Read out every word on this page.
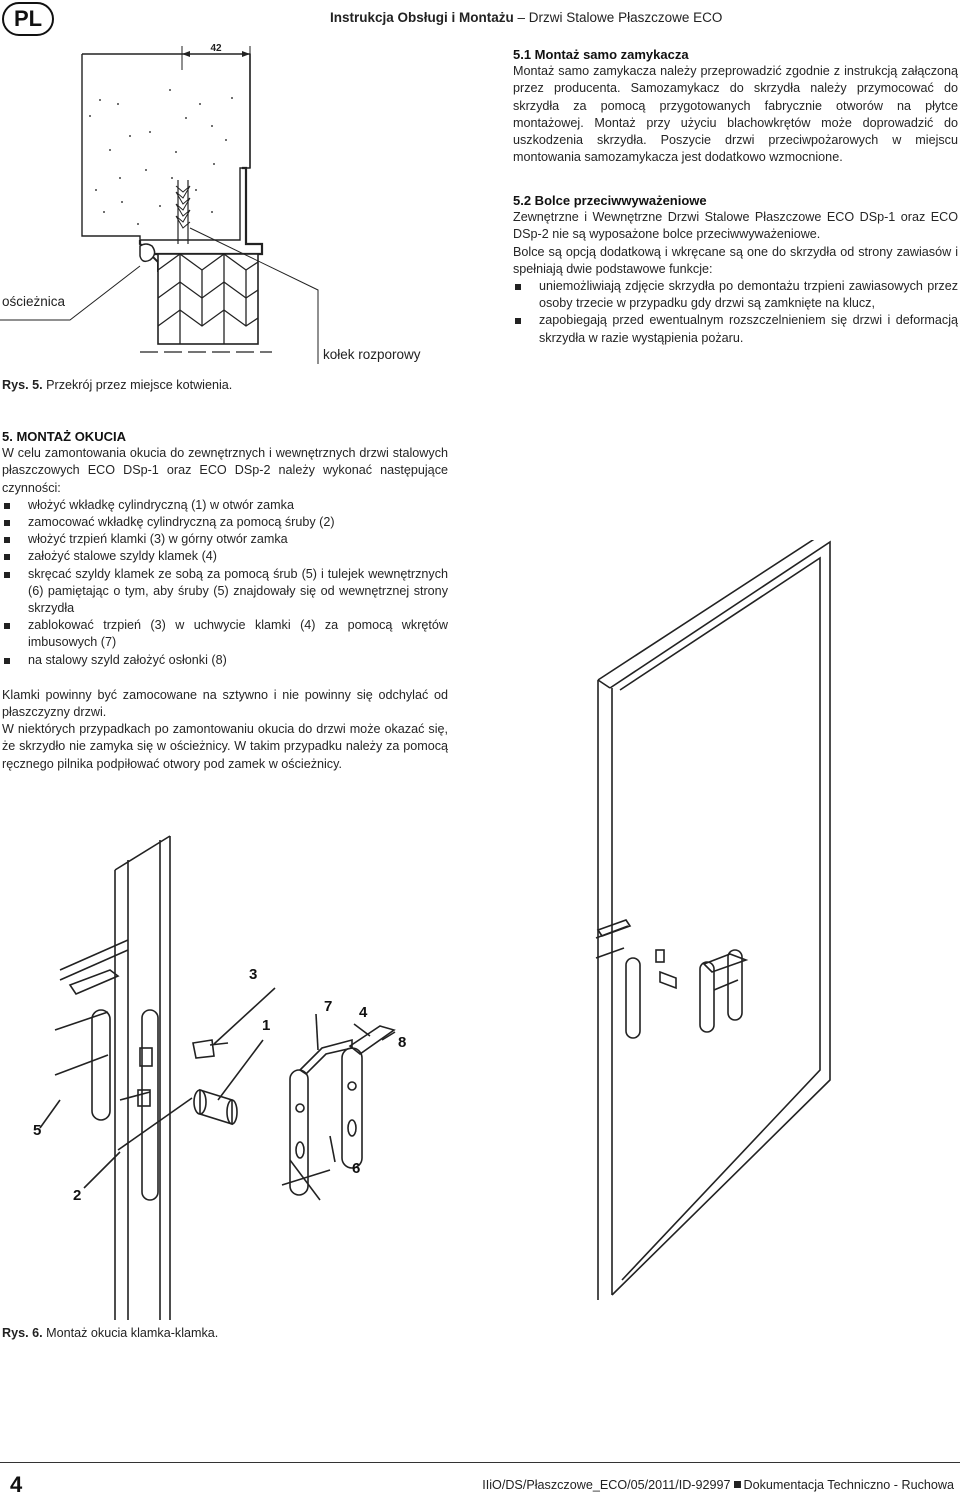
PL	Instrukcja Obsługi i Montażu – Drzwi Stalowe Płaszczowe ECO
42
ościeżnica
kołek rozporowy
Rys. 5. Przekrój przez miejsce kotwienia.
5.1 Montaż samo zamykacza
Montaż samo zamykacza należy przeprowadzić zgodnie z instrukcją załączoną przez producenta. Samozamykacz do skrzydła należy przymocować do skrzydła za pomocą przygotowanych fabrycznie otworów na płytce montażowej. Montaż przy użyciu blachowkrętów może doprowadzić do uszkodzenia skrzydła. Poszycie drzwi przeciwpożarowych w miejscu montowania samozamykacza jest dodatkowo wzmocnione.
5.2 Bolce przeciwwyważeniowe
Zewnętrzne i Wewnętrzne Drzwi Stalowe Płaszczowe ECO DSp-1 oraz ECO DSp-2 nie są wyposażone bolce przeciwwyważeniowe.
Bolce są opcją dodatkową i wkręcane są one do skrzydła od strony zawiasów i spełniają dwie podstawowe funkcje:
uniemożliwiają zdjęcie skrzydła po demontażu trzpieni zawiasowych przez osoby trzecie w przypadku gdy drzwi są zamknięte na klucz,
zapobiegają przed ewentualnym rozszczelnieniem się drzwi i deformacją skrzydła w razie wystąpienia pożaru.
5. MONTAŻ OKUCIA
W celu zamontowania okucia do zewnętrznych i wewnętrznych drzwi stalowych płaszczowych ECO DSp-1 oraz ECO DSp-2 należy wykonać następujące czynności:
włożyć wkładkę cylindryczną (1) w otwór zamka
zamocować wkładkę cylindryczną za pomocą śruby (2)
włożyć trzpień klamki (3) w górny otwór zamka
założyć stalowe szyldy klamek (4)
skręcać szyldy klamek ze sobą za pomocą śrub (5) i tulejek wewnętrznych (6) pamiętając o tym, aby śruby (5) znajdowały się od wewnętrznej strony skrzydła
zablokować trzpień (3) w uchwycie klamki (4) za pomocą wkrętów imbusowych (7)
na stalowy szyld założyć osłonki (8)
Klamki powinny być zamocowane na sztywno i nie powinny się odchylać od płaszczyzny drzwi.
W niektórych przypadkach po zamontowaniu okucia do drzwi może okazać się, że skrzydło nie zamyka się w ościeżnicy. W takim przypadku należy za pomocą ręcznego pilnika podpiłować otwory pod zamek w ościeżnicy.
3
1
7 4
8
5
6
2
Rys. 6. Montaż okucia klamka-klamka.
4	IIiO/DS/Płaszczowe_ECO/05/2011/ID-92997 Dokumentacja Techniczno - Ruchowa
